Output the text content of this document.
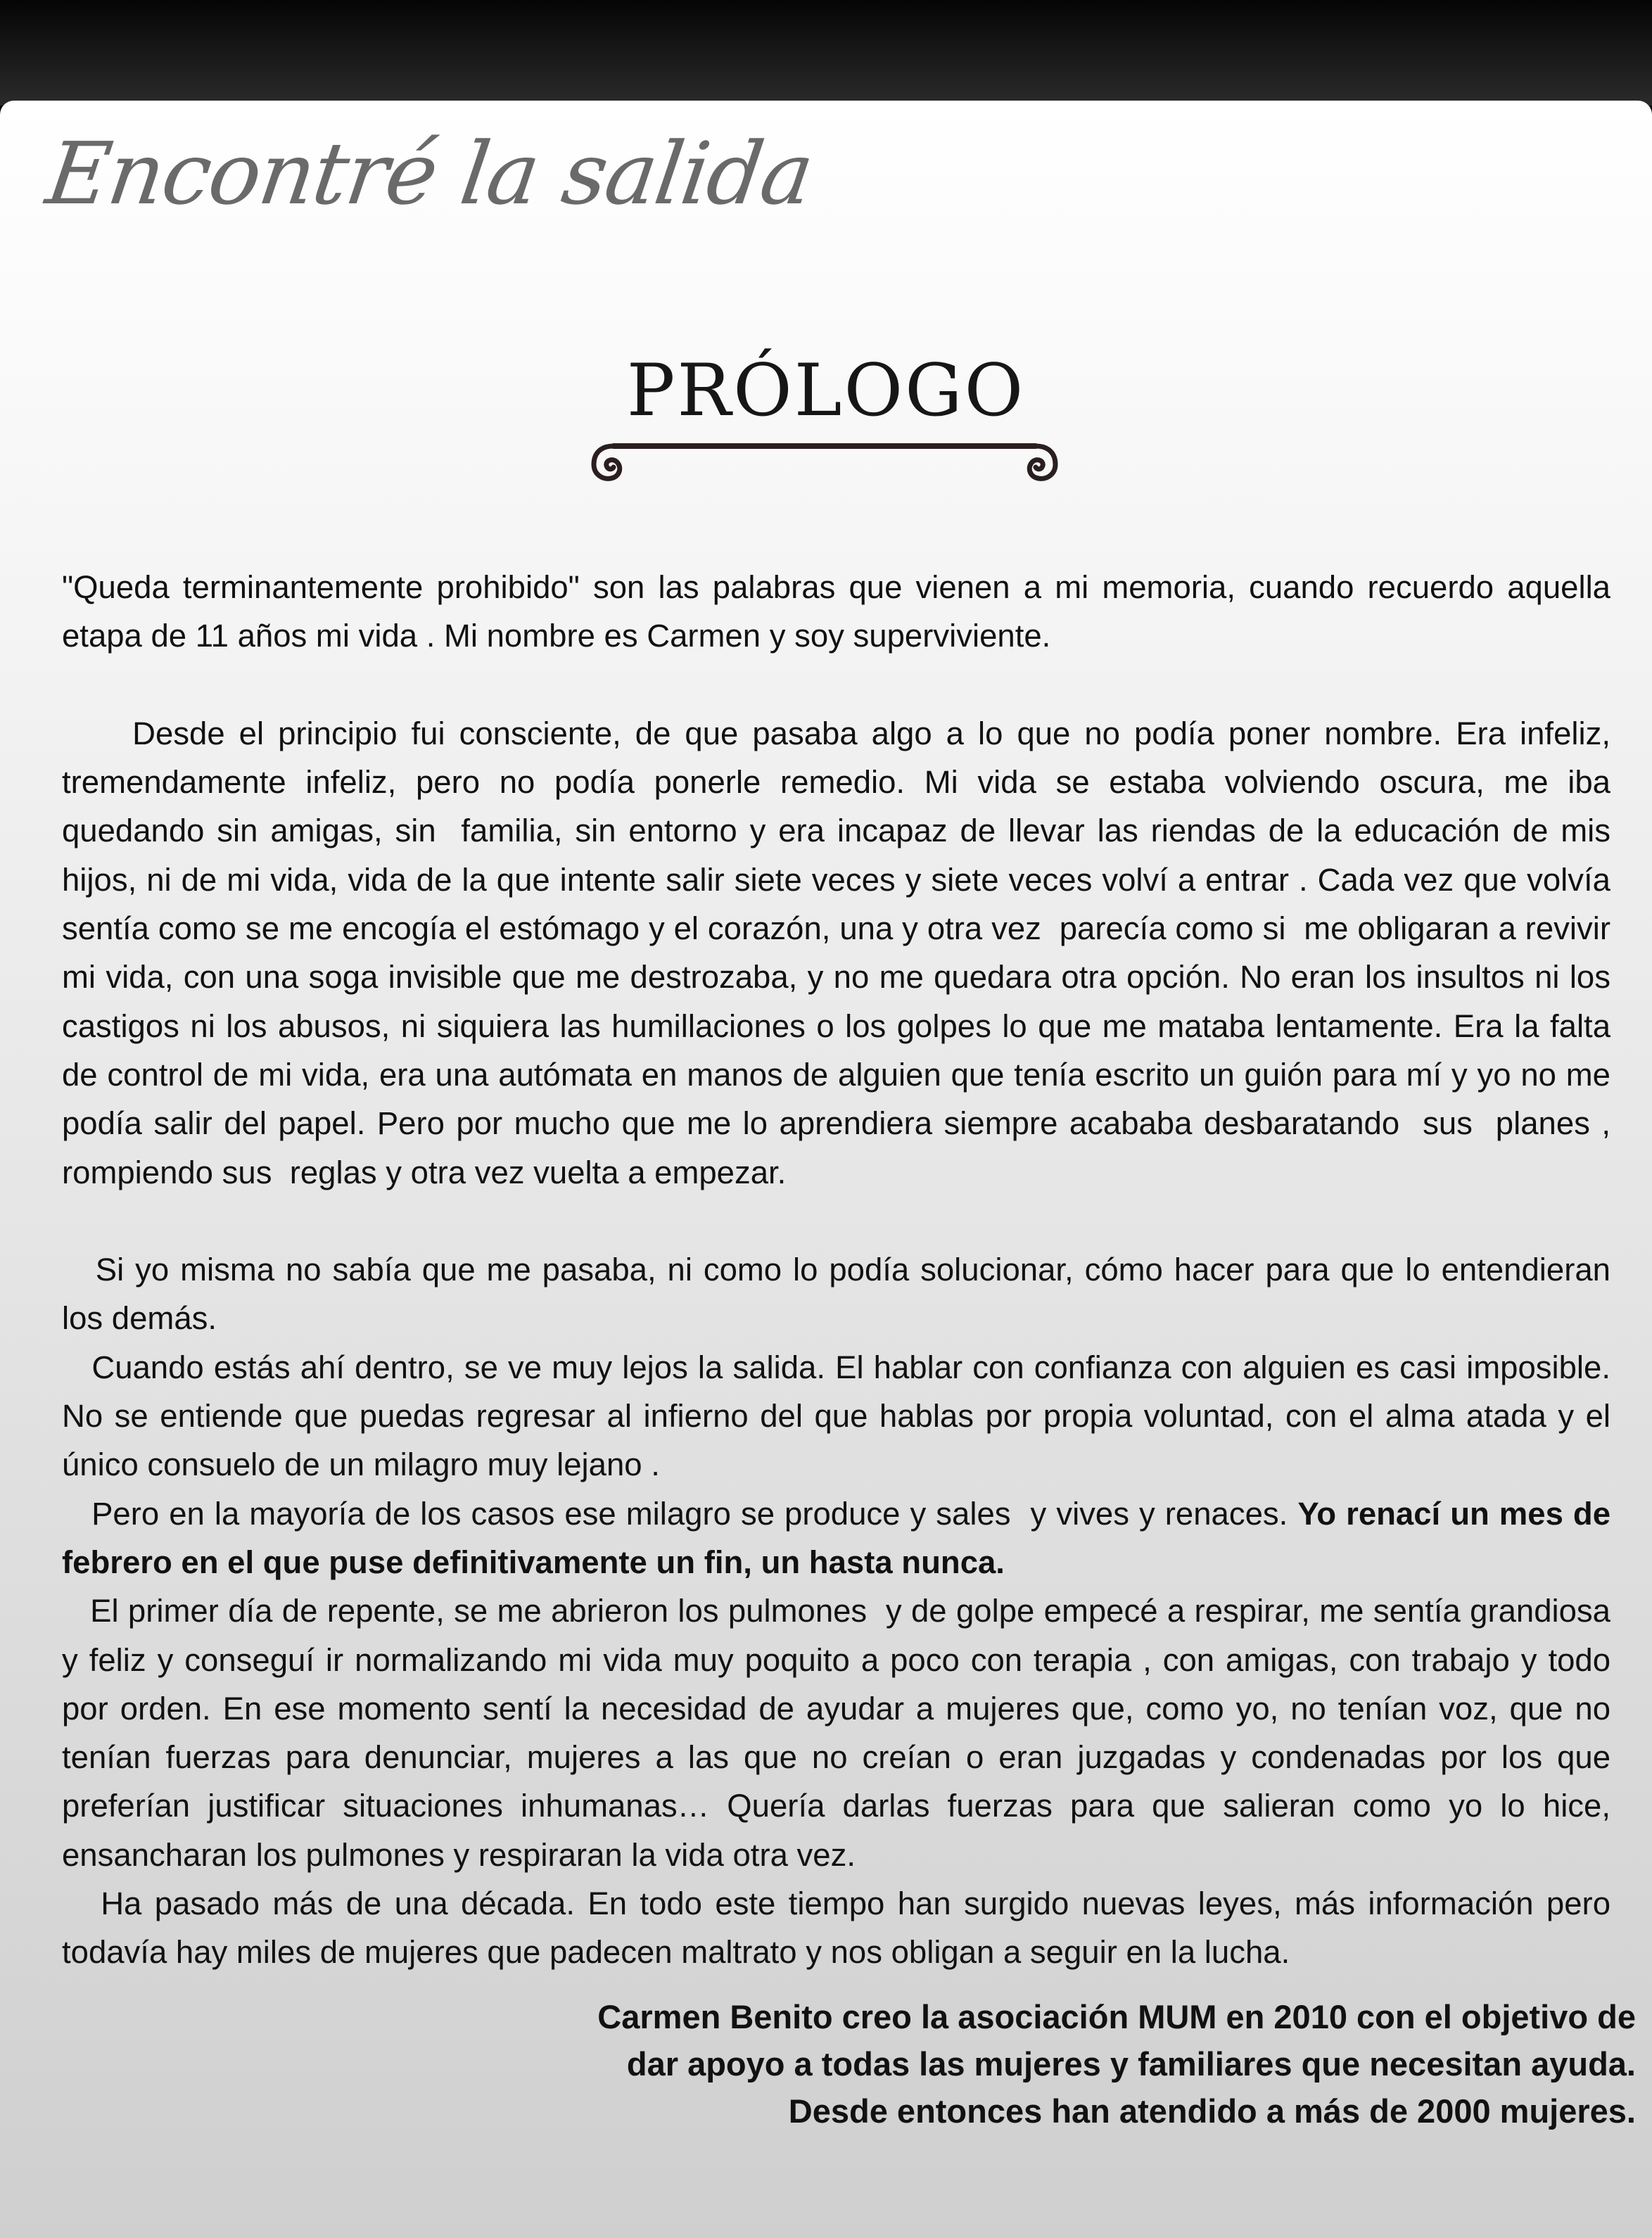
Encontré la salida
PRÓLOGO

"Queda terminantemente prohibido" son las palabras que vienen a mi memoria, cuando recuerdo aquella etapa de 11 años mi vida . Mi nombre es Carmen y soy superviviente.

Desde el principio fui consciente, de que pasaba algo a lo que no podía poner nombre. Era infeliz, tremendamente infeliz, pero no podía ponerle remedio. Mi vida se estaba volviendo oscura, me iba quedando sin amigas, sin  familia, sin entorno y era incapaz de llevar las riendas de la educación de mis hijos, ni de mi vida, vida de la que intente salir siete veces y siete veces volví a entrar . Cada vez que volvía sentía como se me encogía el estómago y el corazón, una y otra vez  parecía como si  me obligaran a revivir mi vida, con una soga invisible que me destrozaba, y no me quedara otra opción. No eran los insultos ni los castigos ni los abusos, ni siquiera las humillaciones o los golpes lo que me mataba lentamente. Era la falta de control de mi vida, era una autómata en manos de alguien que tenía escrito un guión para mí y yo no me podía salir del papel. Pero por mucho que me lo aprendiera siempre acababa desbaratando  sus  planes , rompiendo sus  reglas y otra vez vuelta a empezar.

Si yo misma no sabía que me pasaba, ni como lo podía solucionar, cómo hacer para que lo entendieran los demás.

Cuando estás ahí dentro, se ve muy lejos la salida. El hablar con confianza con alguien es casi imposible. No se entiende que puedas regresar al infierno del que hablas por propia voluntad, con el alma atada y el único consuelo de un milagro muy lejano .

Pero en la mayoría de los casos ese milagro se produce y sales  y vives y renaces. Yo renací un mes de febrero en el que puse definitivamente un fin, un hasta nunca.

El primer día de repente, se me abrieron los pulmones  y de golpe empecé a respirar, me sentía grandiosa y feliz y conseguí ir normalizando mi vida muy poquito a poco con terapia , con amigas, con trabajo y todo por orden. En ese momento sentí la necesidad de ayudar a mujeres que, como yo, no tenían voz, que no tenían fuerzas para denunciar, mujeres a las que no creían o eran juzgadas y condenadas por los que preferían justificar situaciones inhumanas… Quería darlas fuerzas para que salieran como yo lo hice, ensancharan los pulmones y respiraran la vida otra vez.

Ha pasado más de una década. En todo este tiempo han surgido nuevas leyes, más información pero todavía hay miles de mujeres que padecen maltrato y nos obligan a seguir en la lucha.

Carmen Benito creo la asociación MUM en 2010 con el objetivo de
dar apoyo a todas las mujeres y familiares que necesitan ayuda.
Desde entonces han atendido a más de 2000 mujeres.
